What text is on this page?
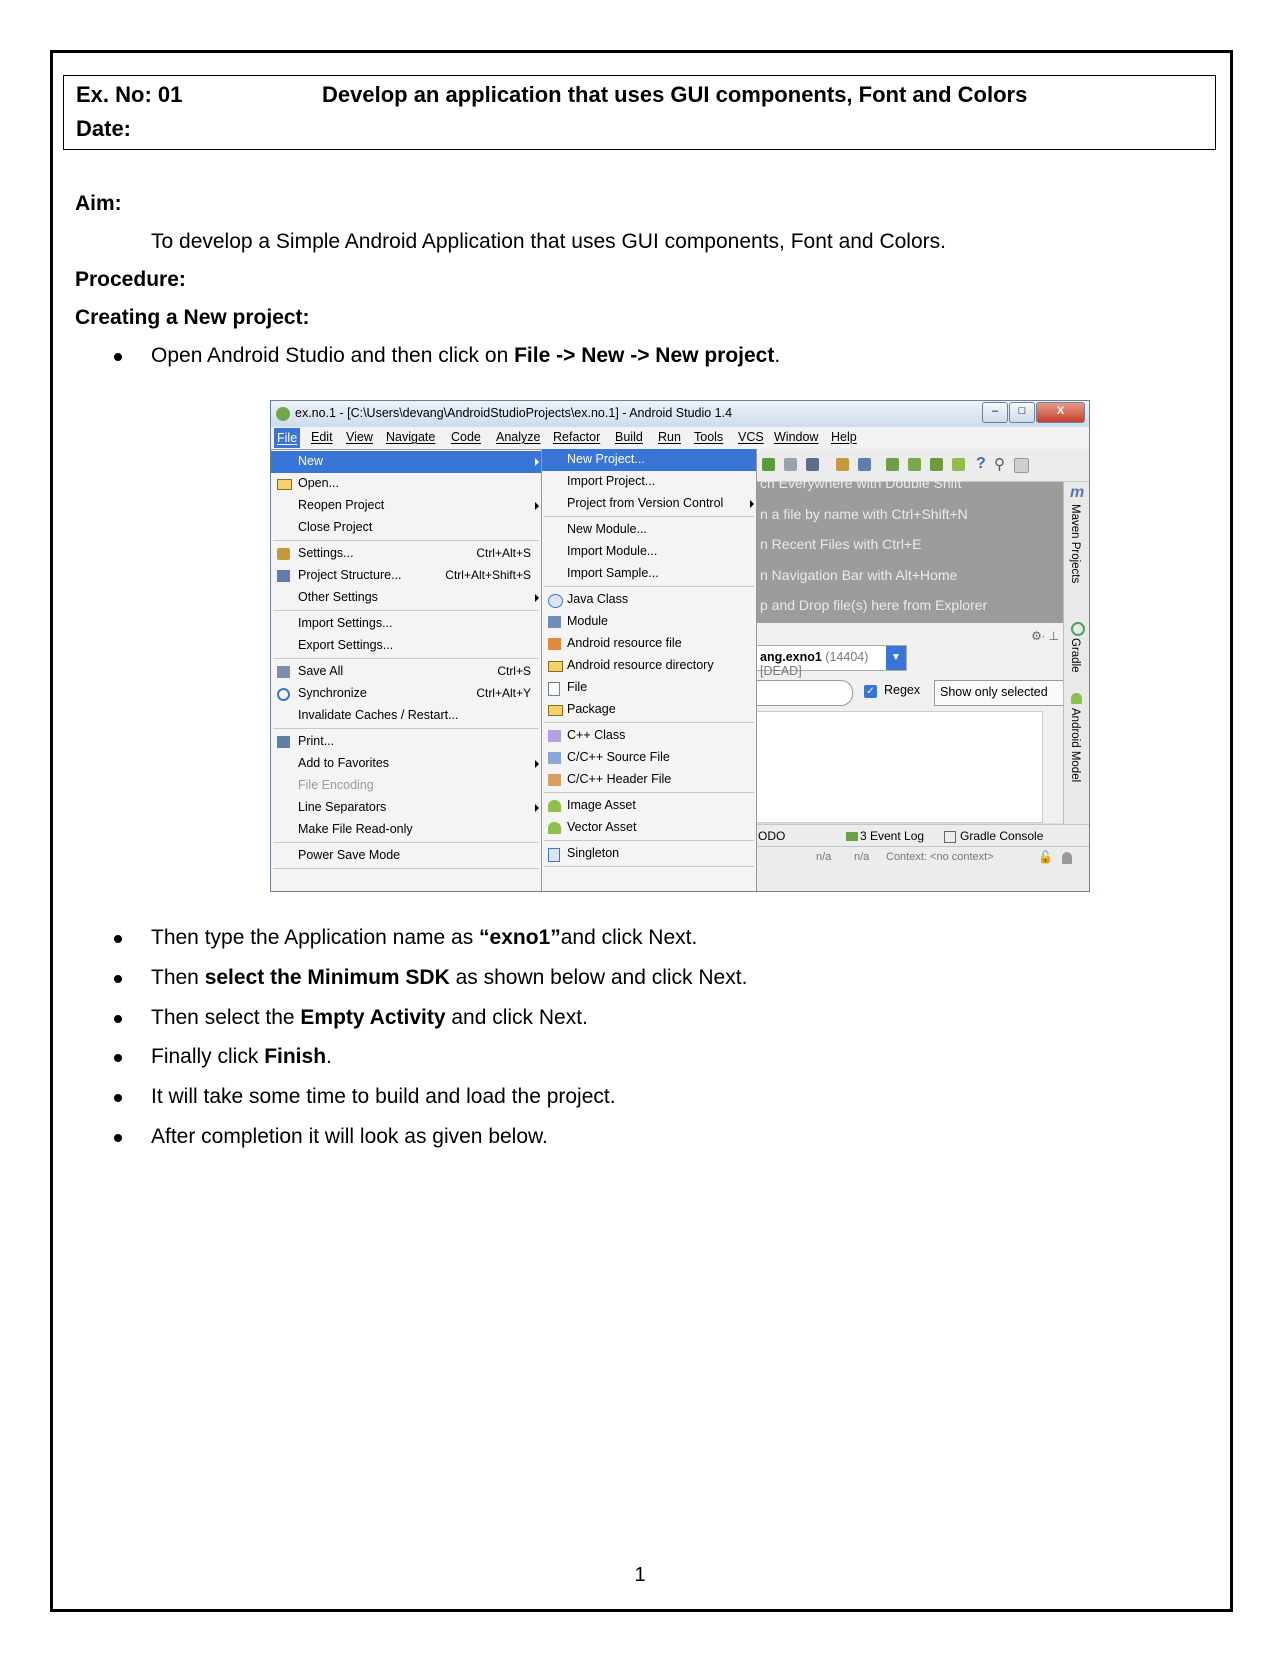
Ex. No: 01	Develop an application that uses GUI components, Font and Colors
Date:
Aim:
To develop a Simple Android Application that uses GUI components, Font and Colors.
Procedure:
Creating a New project:
Open Android Studio and then click on File -> New -> New project.
ex.no.1 - [C:\Users\devang\AndroidStudioProjects\ex.no.1] - Android Studio 1.4	–	□	X
File Edit View Navigate Code Analyze Refactor Build Run Tools VCS Window Help
? ⚲
ch Everywhere with Double Shift
n a file by name with Ctrl+Shift+N
n Recent Files with Ctrl+E
n Navigation Bar with Alt+Home
p and Drop file(s) here from Explorer
⚙∙ ⊥
ang.exno1 (14404) [DEAD]
▼
✓ Regex Show only selected
m
Maven Projects
Gradle
Android Model
ODO	3 Event Log	Gradle Console
n/a n/a Context: <no context>	🔓
New
Open...
Reopen Project
Close Project
Settings...	Ctrl+Alt+S
Project Structure...	Ctrl+Alt+Shift+S
Other Settings
Import Settings...
Export Settings...
Save All	Ctrl+S
Synchronize	Ctrl+Alt+Y
Invalidate Caches / Restart...
Print...
Add to Favorites
File Encoding
Line Separators
Make File Read-only
Power Save Mode
New Project...
Import Project...
Project from Version Control
New Module...
Import Module...
Import Sample...
Java Class
Module
Android resource file
Android resource directory
File
Package
C++ Class
C/C++ Source File
C/C++ Header File
Image Asset
Vector Asset
Singleton
Then type the Application name as “exno1”and click Next.
Then select the Minimum SDK as shown below and click Next.
Then select the Empty Activity and click Next.
Finally click Finish.
It will take some time to build and load the project.
After completion it will look as given below.
1
